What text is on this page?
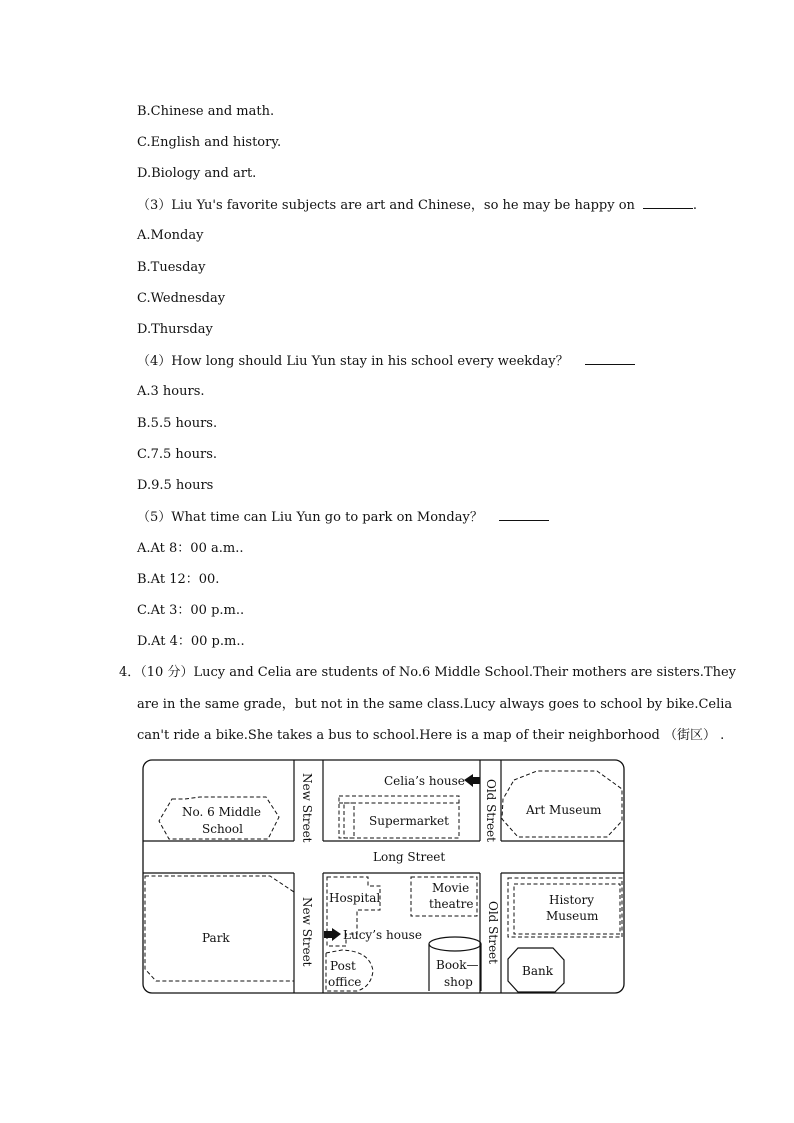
B.Chinese and math.
C.English and history.
D.Biology and art.
（3）Liu Yu's favorite subjects are art and Chinese，so he may be happy on	.
A.Monday
B.Tuesday
C.Wednesday
D.Thursday
（4）How long should Liu Yun stay in his school every weekday？
A.3 hours.
B.5.5 hours.
C.7.5 hours.
D.9.5 hours
（5）What time can Liu Yun go to park on Monday？
A.At 8：00 a.m..
B.At 12：00.
C.At 3：00 p.m..
D.At 4：00 p.m..
4．（10 分）Lucy and Celia are students of No.6 Middle School.Their mothers are sisters.They
are in the same grade，but not in the same class.Lucy always goes to school by bike.Celia
can't ride a bike.She takes a bus to school.Here is a map of their neighborhood （街区） .
New Street
New Street
Old Street
Old Street
Long Street
No. 6 Middle
School
Celia’s house
Supermarket
Art Museum
Hospital
Movie
theatre	History
Museum
Park	Lucy’s house
Post
office
Book—
shop
Bank
